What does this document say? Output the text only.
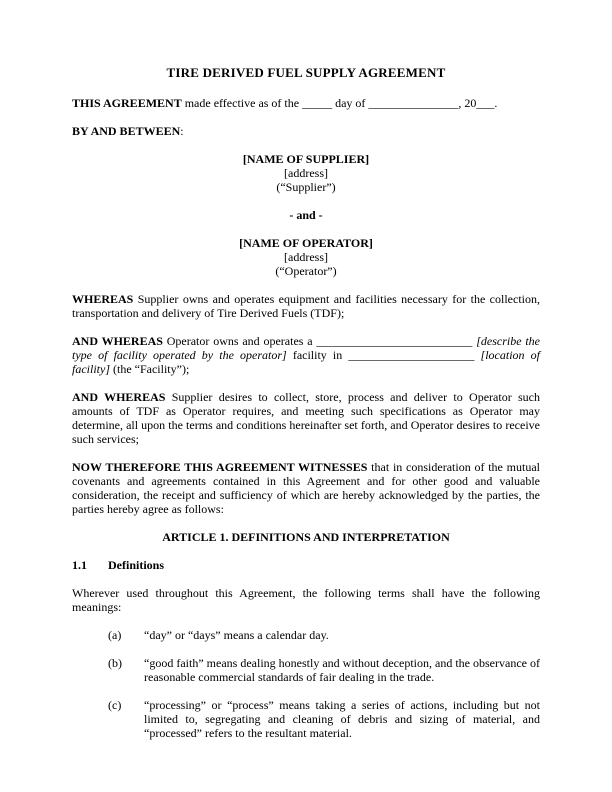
TIRE DERIVED FUEL SUPPLY AGREEMENT

THIS AGREEMENT made effective as of the _____ day of _______________, 20___.

BY AND BETWEEN:

[NAME OF SUPPLIER]
[address]
(“Supplier”)
- and -
[NAME OF OPERATOR]
[address]
(“Operator”)

WHEREAS Supplier owns and operates equipment and facilities necessary for the collection, transportation and delivery of Tire Derived Fuels (TDF);

AND WHEREAS Operator owns and operates a __________________________ [describe the type of facility operated by the operator] facility in _____________________ [location of facility] (the “Facility”);

AND WHEREAS Supplier desires to collect, store, process and deliver to Operator such amounts of TDF as Operator requires, and meeting such specifications as Operator may determine, all upon the terms and conditions hereinafter set forth, and Operator desires to receive such services;

NOW THEREFORE THIS AGREEMENT WITNESSES that in consideration of the mutual covenants and agreements contained in this Agreement and for other good and valuable consideration, the receipt and sufficiency of which are hereby acknowledged by the parties, the parties hereby agree as follows:

ARTICLE 1. DEFINITIONS AND INTERPRETATION
1.1 Definitions

Wherever used throughout this Agreement, the following terms shall have the following meanings:

(a) “day” or “days” means a calendar day.
(b) “good faith” means dealing honestly and without deception, and the observance of reasonable commercial standards of fair dealing in the trade.
(c) “processing” or “process” means taking a series of actions, including but not limited to, segregating and cleaning of debris and sizing of material, and “processed” refers to the resultant material.
